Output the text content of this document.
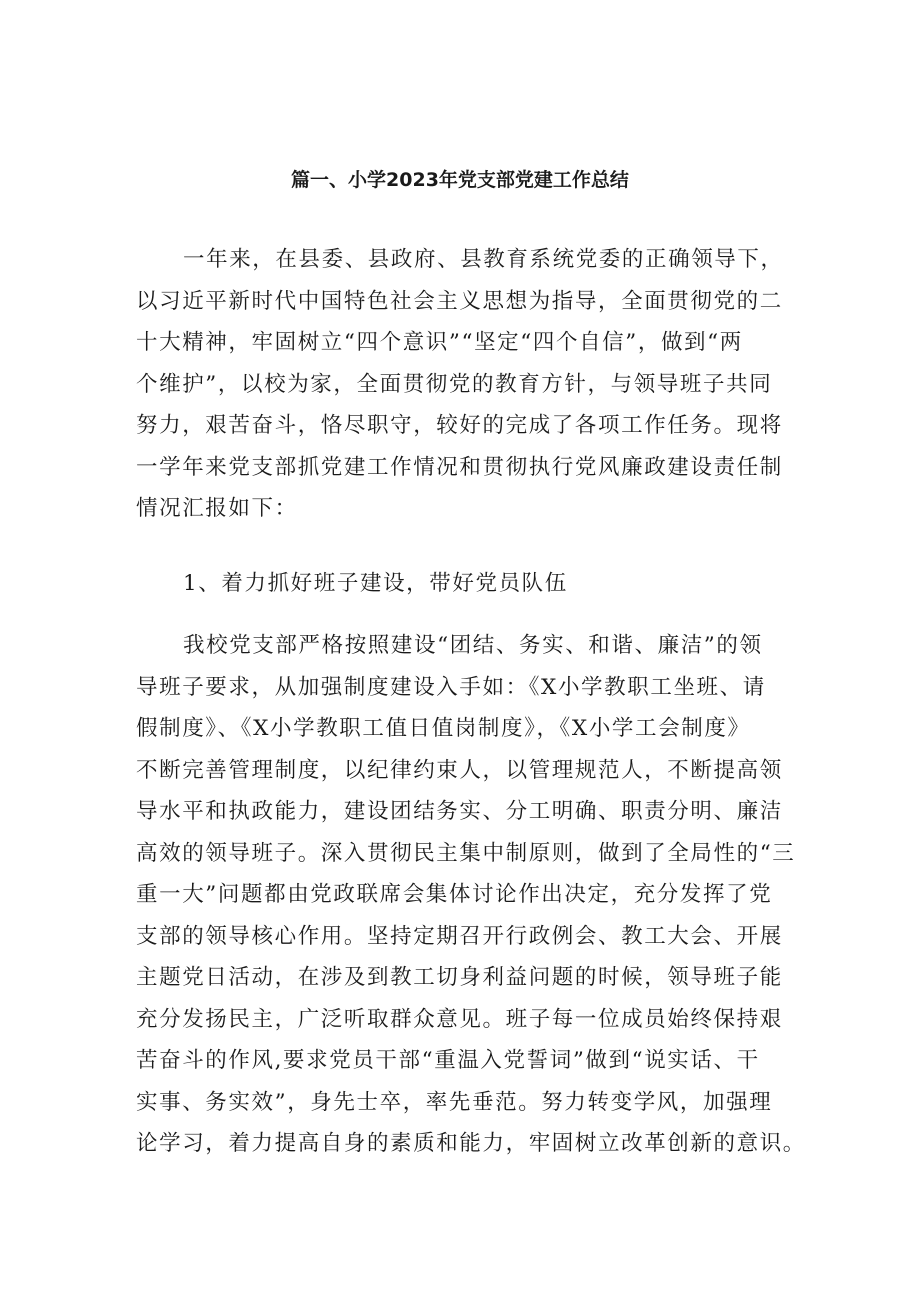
篇一、小学2023年党支部党建工作总结
一年来，在县委、县政府、县教育系统党委的正确领导下，
以习近平新时代中国特色社会主义思想为指导，全面贯彻党的二
十大精神，牢固树立“四个意识”“坚定“四个自信”，做到“两
个维护”，以校为家，全面贯彻党的教育方针，与领导班子共同
努力，艰苦奋斗，恪尽职守，较好的完成了各项工作任务。现将
一学年来党支部抓党建工作情况和贯彻执行党风廉政建设责任制
情况汇报如下：
1、着力抓好班子建设，带好党员队伍
我校党支部严格按照建设“团结、务实、和谐、廉洁”的领
导班子要求，从加强制度建设入手如：《X小学教职工坐班、请
假制度》、《X小学教职工值日值岗制度》，《X小学工会制度》
不断完善管理制度，以纪律约束人，以管理规范人，不断提高领
导水平和执政能力，建设团结务实、分工明确、职责分明、廉洁
高效的领导班子。深入贯彻民主集中制原则，做到了全局性的“三
重一大”问题都由党政联席会集体讨论作出决定，充分发挥了党
支部的领导核心作用。坚持定期召开行政例会、教工大会、开展
主题党日活动，在涉及到教工切身利益问题的时候，领导班子能
充分发扬民主，广泛听取群众意见。班子每一位成员始终保持艰
苦奋斗的作风,要求党员干部“重温入党誓词”做到“说实话、干
实事、务实效”，身先士卒，率先垂范。努力转变学风，加强理
论学习，着力提高自身的素质和能力，牢固树立改革创新的意识。
